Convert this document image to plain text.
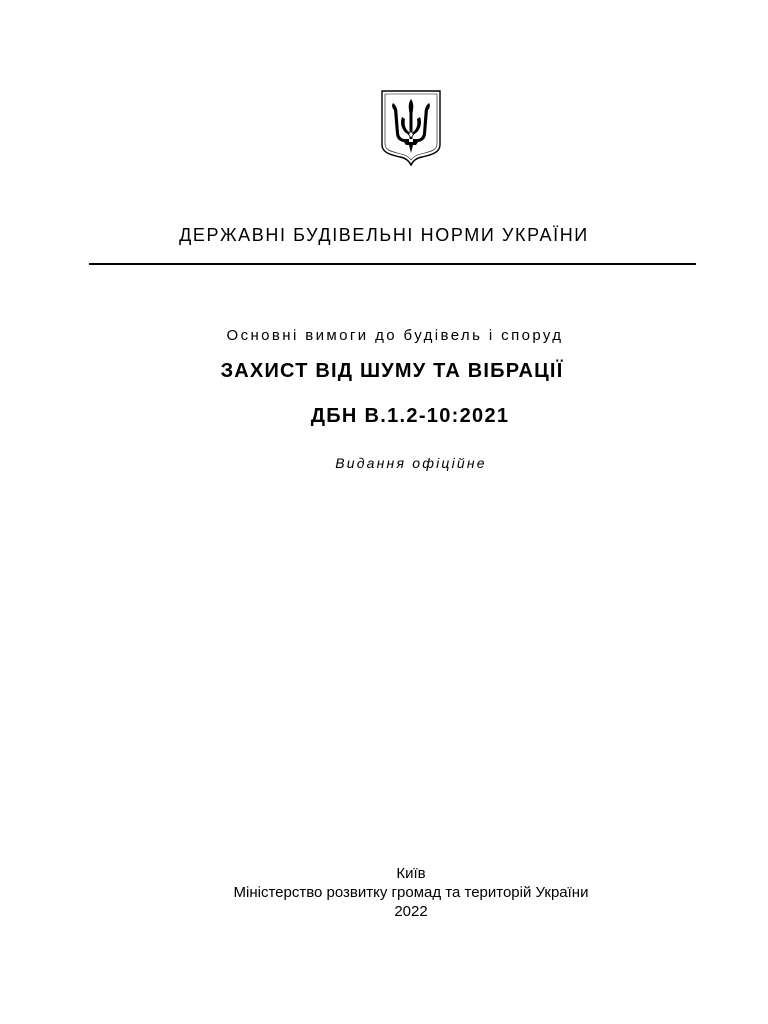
ДЕРЖАВНІ БУДІВЕЛЬНІ НОРМИ УКРАЇНИ
Основні вимоги до будівель і споруд
ЗАХИСТ ВІД ШУМУ ТА ВІБРАЦІЇ
ДБН В.1.2-10:2021
Видання офіційне
Київ
Міністерство розвитку громад та територій України
2022
